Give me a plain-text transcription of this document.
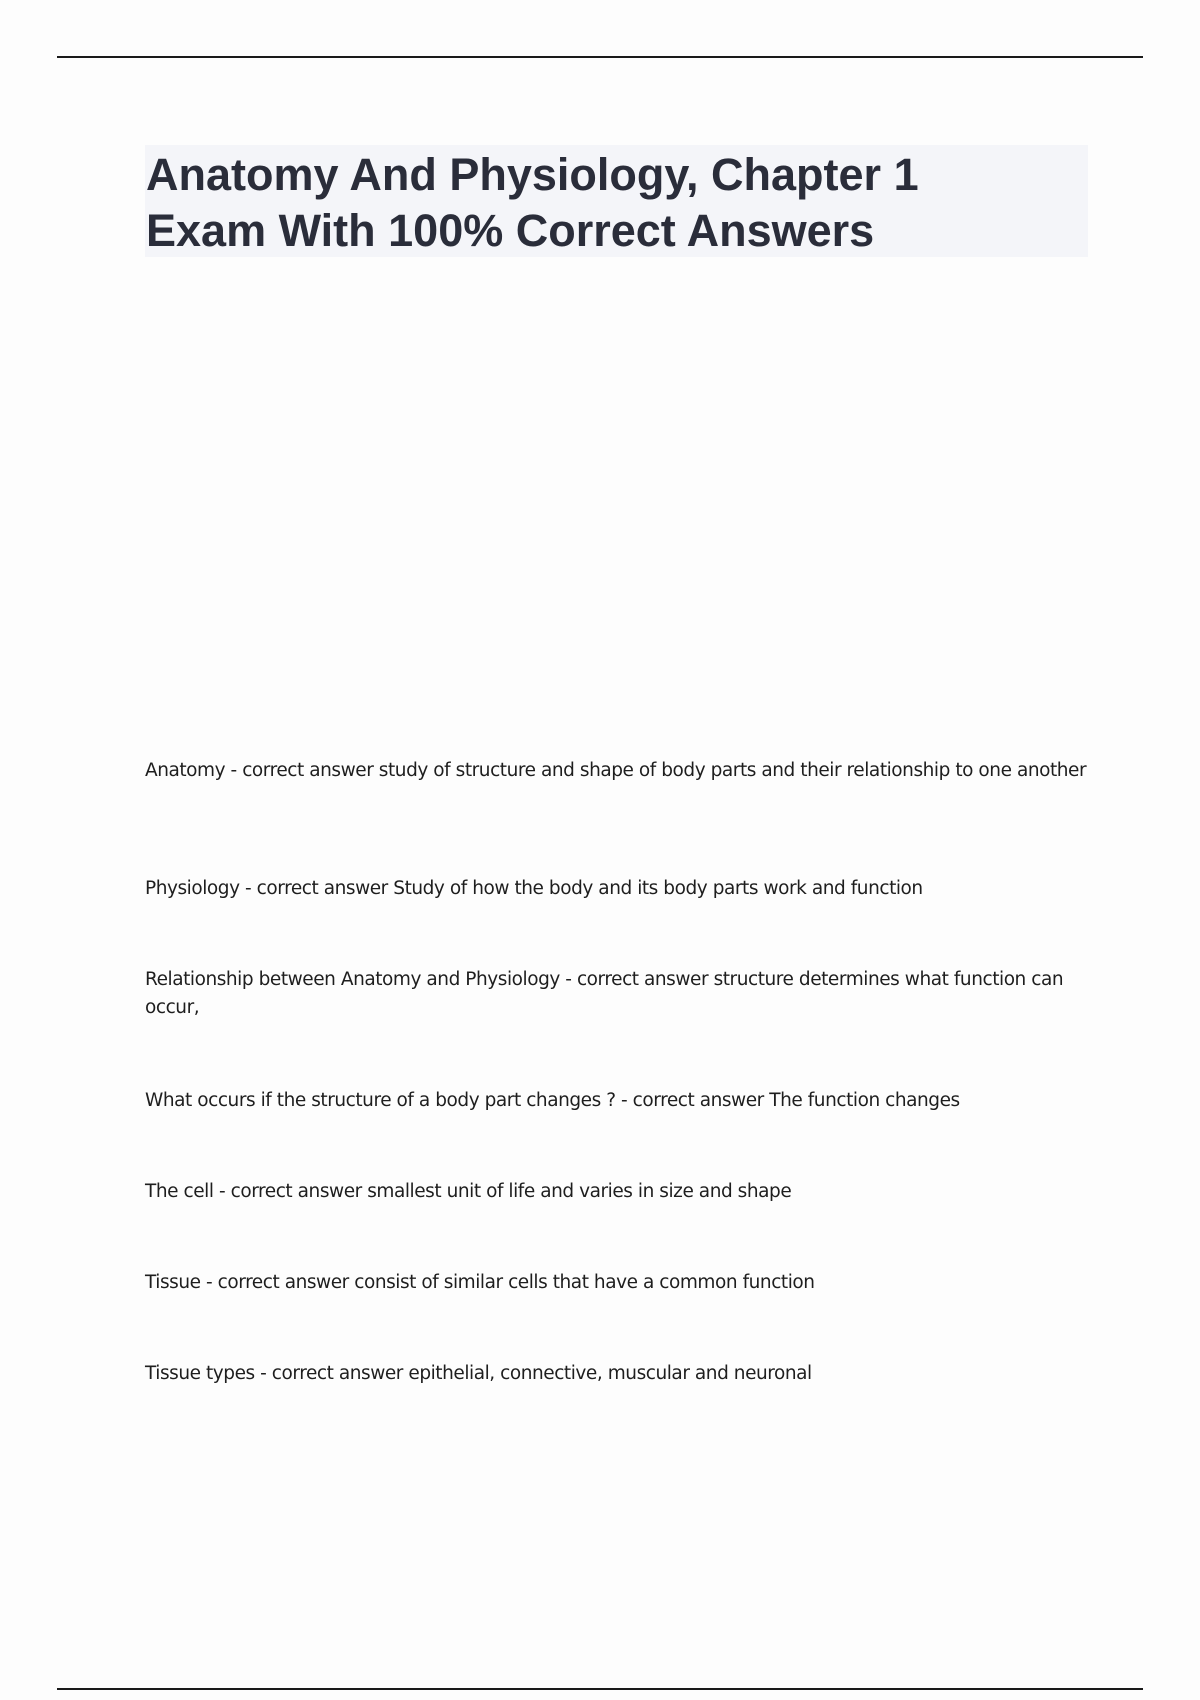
Anatomy And Physiology, Chapter 1
Exam With 100% Correct Answers
Anatomy - correct answer study of structure and shape of body parts and their relationship to one another
Physiology - correct answer Study of how the body and its body parts work and function
Relationship between Anatomy and Physiology - correct answer structure determines what function can occur,
What occurs if the structure of a body part changes ? - correct answer The function changes
The cell - correct answer smallest unit of life and varies in size and shape
Tissue - correct answer consist of similar cells that have a common function
Tissue types - correct answer epithelial, connective, muscular and neuronal
